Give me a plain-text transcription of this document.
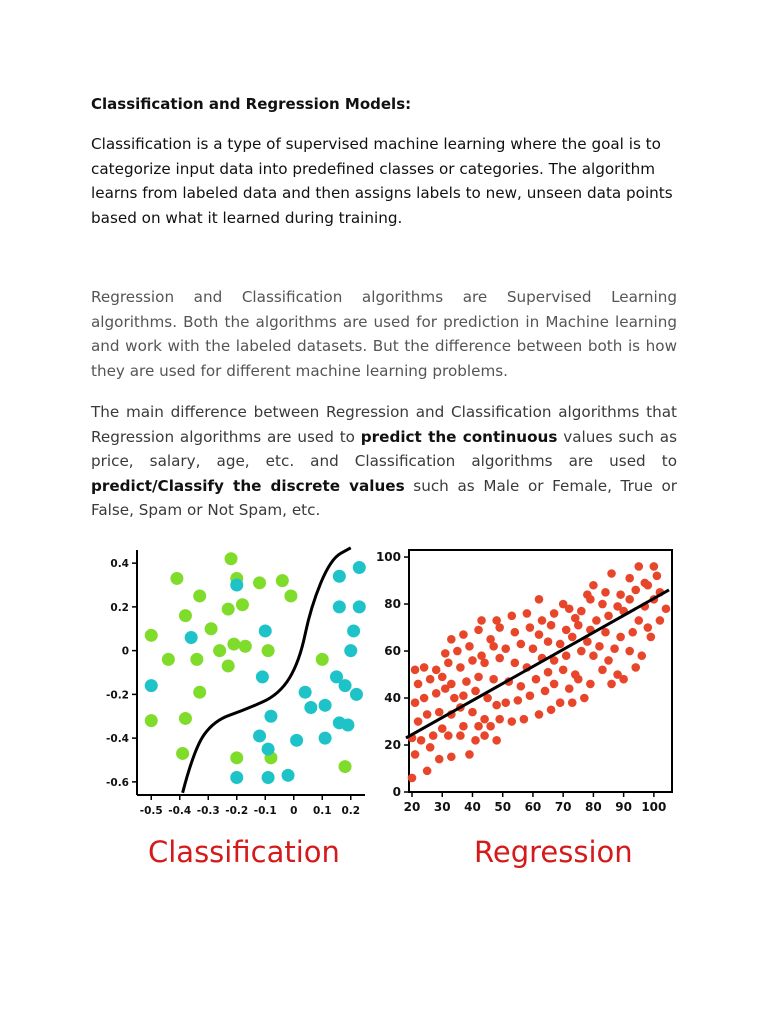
Classification and Regression Models:
Classification is a type of supervised machine learning where the goal is to categorize input data into predefined classes or categories. The algorithm learns from labeled data and then assigns labels to new, unseen data points based on what it learned during training.
Regression and Classification algorithms are Supervised Learning algorithms. Both the algorithms are used for prediction in Machine learning and work with the labeled datasets. But the difference between both is how they are used for different machine learning problems.
The main difference between Regression and Classification algorithms that Regression algorithms are used to predict the continuous values such as price, salary, age, etc. and Classification algorithms are used to predict/Classify the discrete values such as Male or Female, True or False, Spam or Not Spam, etc.
-0.5 -0.4 -0.3 -0.2 -0.1 0 0.1 0.2
0.4
0.2
0
-0.2
-0.4
-0.6
20 30 40 50 60 70 80 90 100
0
20
40
60
80
100
Classification	Regression
